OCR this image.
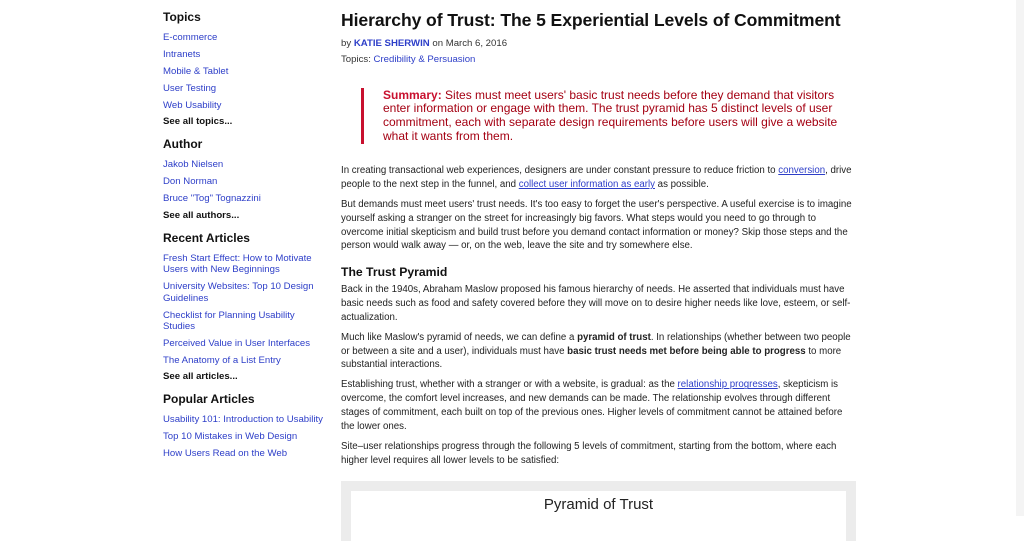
Topics
E-commerce
Intranets
Mobile & Tablet
User Testing
Web Usability
See all topics...
Author
Jakob Nielsen
Don Norman
Bruce "Tog" Tognazzini
See all authors...
Recent Articles
Fresh Start Effect: How to Motivate Users with New Beginnings
University Websites: Top 10 Design Guidelines
Checklist for Planning Usability Studies
Perceived Value in User Interfaces
The Anatomy of a List Entry
See all articles...
Popular Articles
Usability 101: Introduction to Usability
Top 10 Mistakes in Web Design
How Users Read on the Web
Hierarchy of Trust: The 5 Experiential Levels of Commitment
by KATIE SHERWIN on March 6, 2016
Topics: Credibility & Persuasion
Summary: Sites must meet users' basic trust needs before they demand that visitors enter information or engage with them. The trust pyramid has 5 distinct levels of user commitment, each with separate design requirements before users will give a website what it wants from them.

In creating transactional web experiences, designers are under constant pressure to reduce friction to conversion, drive people to the next step in the funnel, and collect user information as early as possible.

But demands must meet users' trust needs. It's too easy to forget the user's perspective. A useful exercise is to imagine yourself asking a stranger on the street for increasingly big favors. What steps would you need to go through to overcome initial skepticism and build trust before you demand contact information or money? Skip those steps and the person would walk away — or, on the web, leave the site and try somewhere else.

The Trust Pyramid

Back in the 1940s, Abraham Maslow proposed his famous hierarchy of needs. He asserted that individuals must have basic needs such as food and safety covered before they will move on to desire higher needs like love, esteem, or self-actualization.

Much like Maslow's pyramid of needs, we can define a pyramid of trust. In relationships (whether between two people or between a site and a user), individuals must have basic trust needs met before being able to progress to more substantial interactions.

Establishing trust, whether with a stranger or with a website, is gradual: as the relationship progresses, skepticism is overcome, the comfort level increases, and new demands can be made. The relationship evolves through different stages of commitment, each built on top of the previous ones. Higher levels of commitment cannot be attained before the lower ones.

Site–user relationships progress through the following 5 levels of commitment, starting from the bottom, where each higher level requires all lower levels to be satisfied:

Pyramid of Trust
